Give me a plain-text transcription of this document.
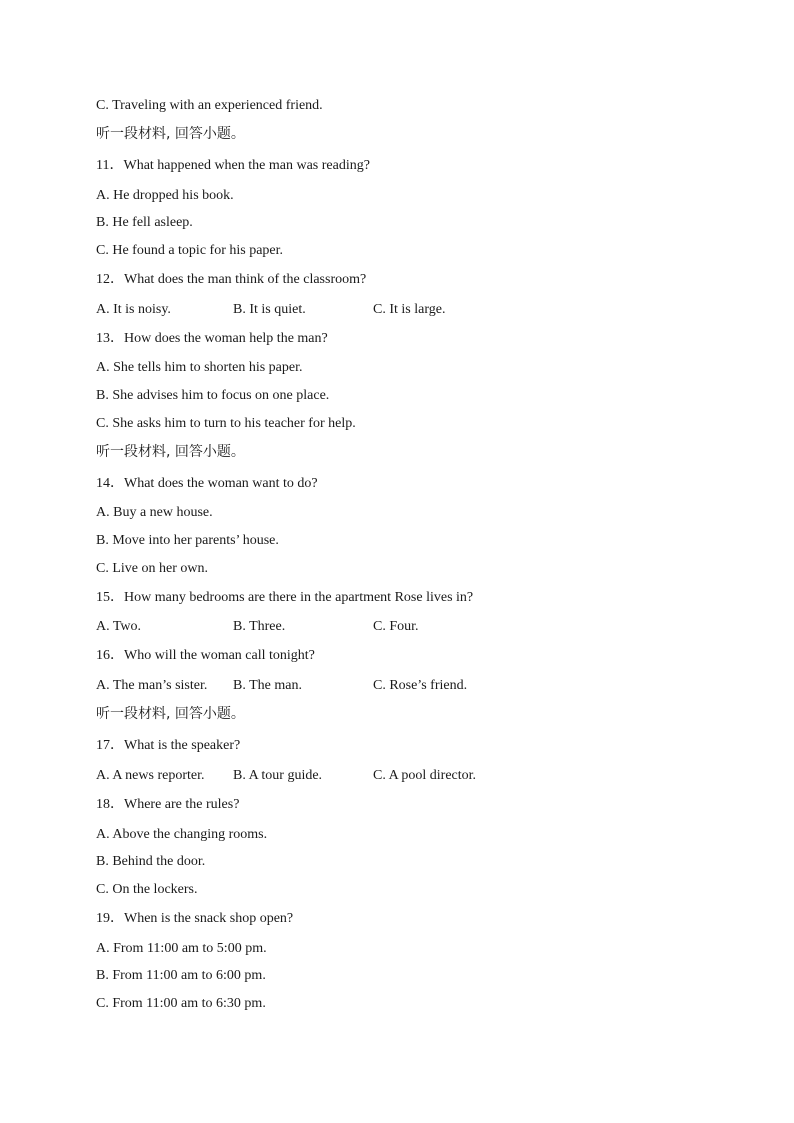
C. Traveling with an experienced friend.
听一段材料, 回答小题。
11．What happened when the man was reading?
A. He dropped his book.
B. He fell asleep.
C. He found a topic for his paper.
12．What does the man think of the classroom?
A. It is noisy.	B. It is quiet.	C. It is large.
13．How does the woman help the man?
A. She tells him to shorten his paper.
B. She advises him to focus on one place.
C. She asks him to turn to his teacher for help.
听一段材料, 回答小题。
14．What does the woman want to do?
A. Buy a new house.
B. Move into her parents’ house.
C. Live on her own.
15．How many bedrooms are there in the apartment Rose lives in?
A. Two.	B. Three.	C. Four.
16．Who will the woman call tonight?
A. The man’s sister. B. The man.	C. Rose’s friend.
听一段材料, 回答小题。
17．What is the speaker?
A. A news reporter. B. A tour guide.	C. A pool director.
18．Where are the rules?
A. Above the changing rooms.
B. Behind the door.
C. On the lockers.
19．When is the snack shop open?
A. From 11:00 am to 5:00 pm.
B. From 11:00 am to 6:00 pm.
C. From 11:00 am to 6:30 pm.
